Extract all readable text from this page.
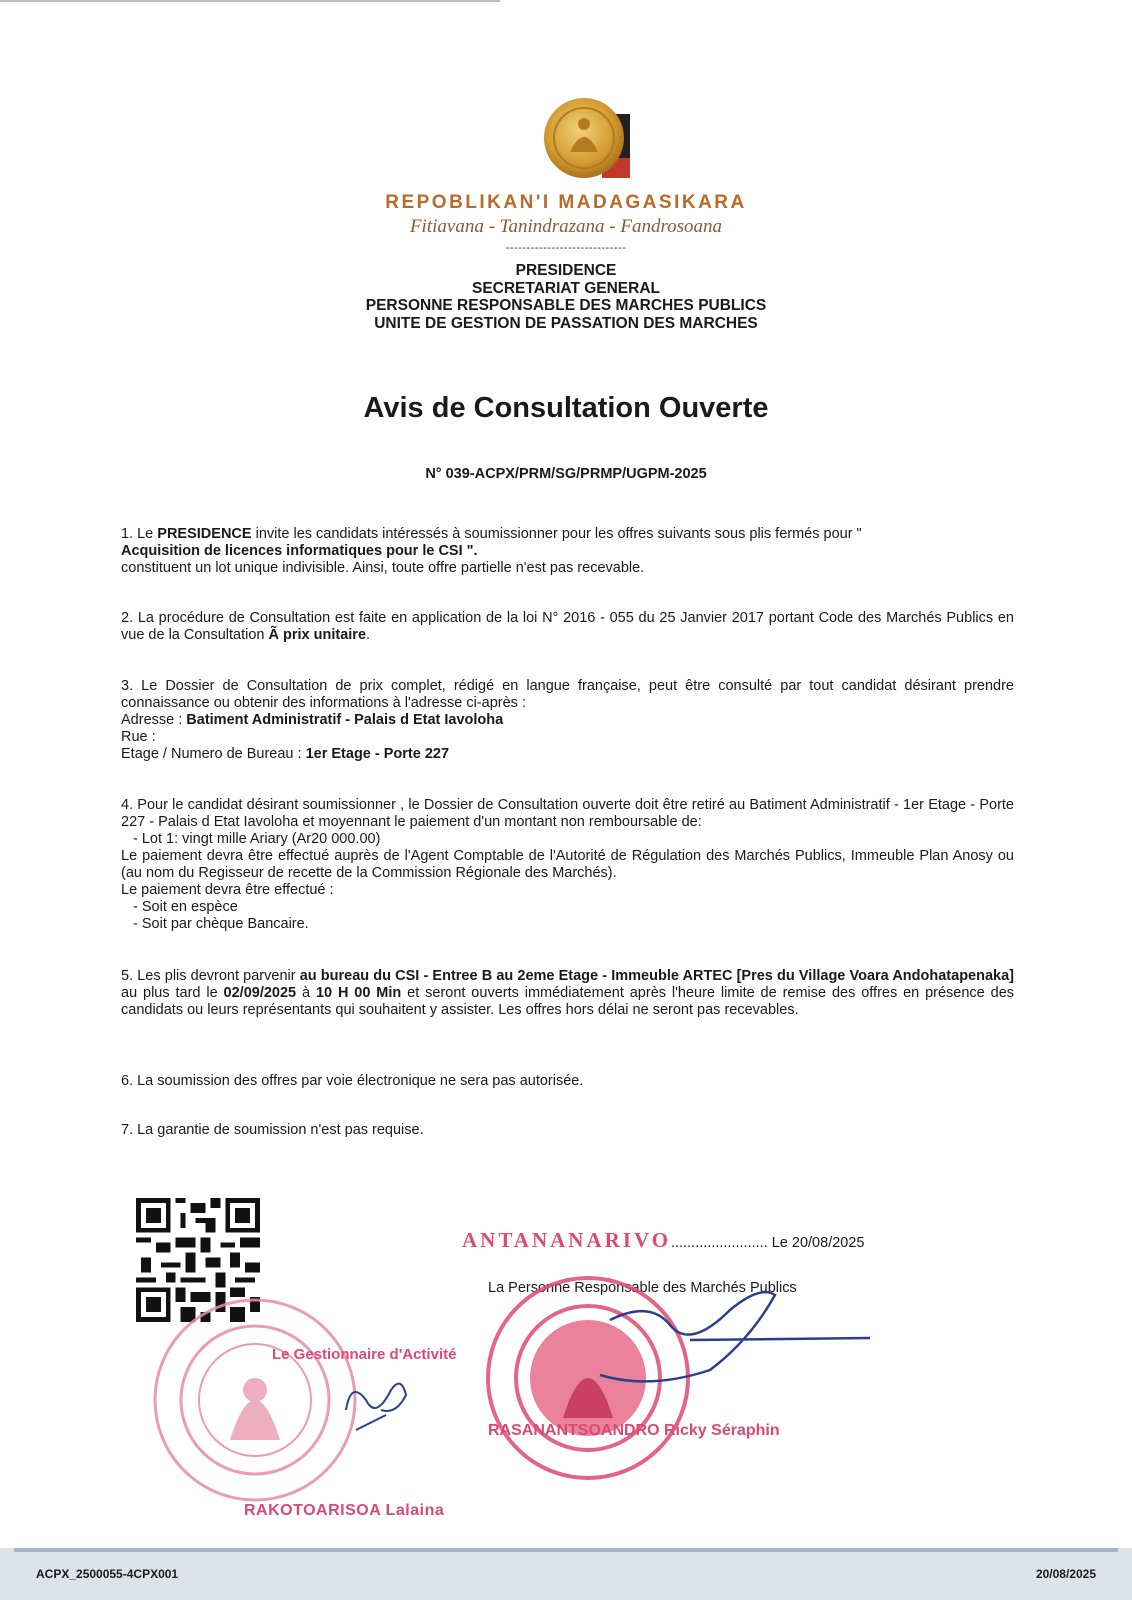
REPOBLIKAN'I MADAGASIKARA
Fitiavana - Tanindrazana - Fandrosoana
-----------------------------
PRESIDENCE
SECRETARIAT GENERAL
PERSONNE RESPONSABLE DES MARCHES PUBLICS
UNITE DE GESTION DE PASSATION DES MARCHES
Avis de Consultation Ouverte
N° 039-ACPX/PRM/SG/PRMP/UGPM-2025
1. Le PRESIDENCE invite les candidats intéressés à soumissionner pour les offres suivants sous plis fermés pour "
Acquisition de licences informatiques pour le CSI ".
constituent un lot unique indivisible. Ainsi, toute offre partielle n'est pas recevable.
2. La procédure de Consultation est faite en application de la loi N° 2016 - 055 du 25 Janvier 2017 portant Code des Marchés Publics en vue de la Consultation Ã prix unitaire.
3. Le Dossier de Consultation de prix complet, rédigé en langue française, peut être consulté par tout candidat désirant prendre connaissance ou obtenir des informations à l'adresse ci-après :
Adresse : Batiment Administratif - Palais d Etat Iavoloha
Rue :
Etage / Numero de Bureau : 1er Etage - Porte 227
4. Pour le candidat désirant soumissionner , le Dossier de Consultation ouverte doit être retiré au Batiment Administratif - 1er Etage - Porte 227 - Palais d Etat Iavoloha et moyennant le paiement d'un montant non remboursable de:
- Lot 1: vingt mille Ariary (Ar20 000.00)
Le paiement devra être effectué auprès de l'Agent Comptable de l'Autorité de Régulation des Marchés Publics, Immeuble Plan Anosy ou (au nom du Regisseur de recette de la Commission Régionale des Marchés).
Le paiement devra être effectué :
- Soit en espèce
- Soit par chèque Bancaire.
5. Les plis devront parvenir au bureau du CSI - Entree B au 2eme Etage - Immeuble ARTEC [Pres du Village Voara Andohatapenaka] au plus tard le 02/09/2025 à 10 H 00 Min et seront ouverts immédiatement après l'heure limite de remise des offres en présence des candidats ou leurs représentants qui souhaitent y assister. Les offres hors délai ne seront pas recevables.
6. La soumission des offres par voie électronique ne sera pas autorisée.
7. La garantie de soumission n'est pas requise.
ANTANANARIVO........................ Le 20/08/2025
La Personne Responsable des Marchés Publics
Le Gestionnaire d'Activité
RASANANTSOANDRO Ricky Séraphin
RAKOTOARISOA Lalaina
ACPX_2500055-4CPX001	20/08/2025
